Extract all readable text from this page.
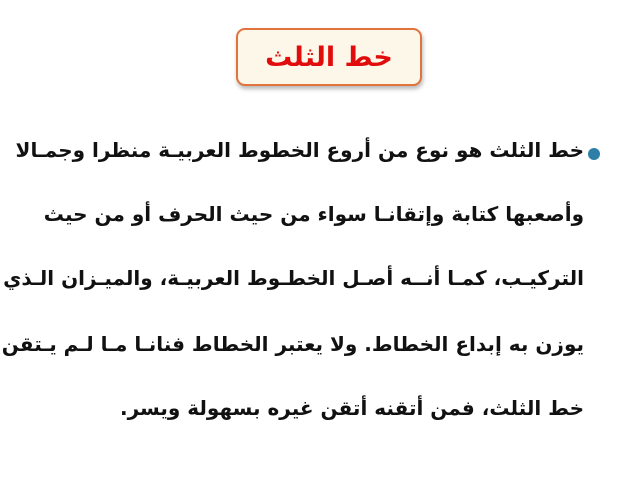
خط الثلث
خط الثلث هو نوع من أروع الخطوط العربيـة منظرا وجمـالا
وأصعبها كتابة وإتقانـا سواء من حيث الحرف أو من حيث
التركيـب، كمـا أنــه أصـل الخطـوط العربيـة، والميـزان الـذي
يوزن به إبداع الخطاط. ولا يعتبر الخطاط فنانـا مـا لـم يـتقن
خط الثلث، فمن أتقنه أتقن غيره بسهولة ويسر.
